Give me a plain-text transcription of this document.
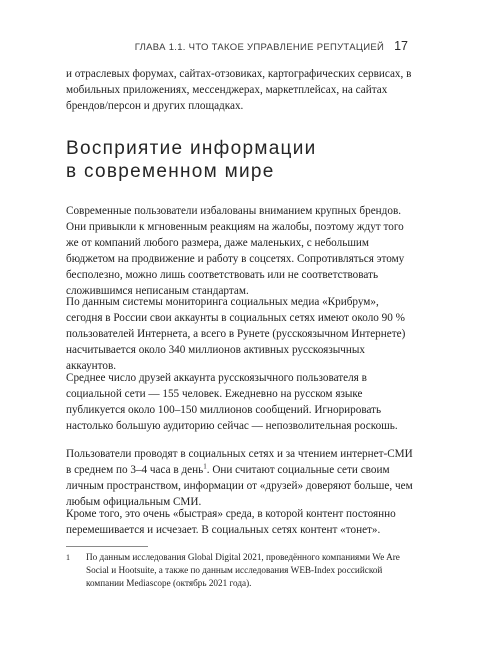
ГЛАВА 1.1. ЧТО ТАКОЕ УПРАВЛЕНИЕ РЕПУТАЦИЕЙ 17

и отраслевых форумах, сайтах-отзовиках, картографических сервисах, в мобильных приложениях, мессенджерах, маркетплейсах, на сайтах брендов/персон и других площадках.

Восприятие информации
в современном мире

Современные пользователи избалованы вниманием крупных брендов. Они привыкли к мгновенным реакциям на жалобы, поэтому ждут того же от компаний любого размера, даже маленьких, с небольшим бюджетом на продвижение и работу в соцсетях. Сопротивляться этому бесполезно, можно лишь соответствовать или не соответствовать сложившимся неписаным стандартам.

По данным системы мониторинга социальных медиа «Крибрум», сегодня в России свои аккаунты в социальных сетях имеют около 90 % пользователей Интернета, а всего в Рунете (русскоязычном Интернете) насчитывается около 340 миллионов активных русскоязычных аккаунтов.

Среднее число друзей аккаунта русскоязычного пользователя в социальной сети — 155 человек. Ежедневно на русском языке публикуется около 100–150 миллионов сообщений. Игнорировать настолько большую аудиторию сейчас — непозволительная роскошь.

Пользователи проводят в социальных сетях и за чтением интернет-СМИ в среднем по 3–4 часа в день$^1$. Они считают социальные сети своим личным пространством, информации от «друзей» доверяют больше, чем любым официальным СМИ.

Кроме того, это очень «быстрая» среда, в которой контент постоянно перемешивается и исчезает. В социальных сетях контент «тонет».

1	По данным исследования Global Digital 2021, проведённого компаниями We Are Social и Hootsuite, а также по данным исследования WEB-Index российской компании Mediascope (октябрь 2021 года).
